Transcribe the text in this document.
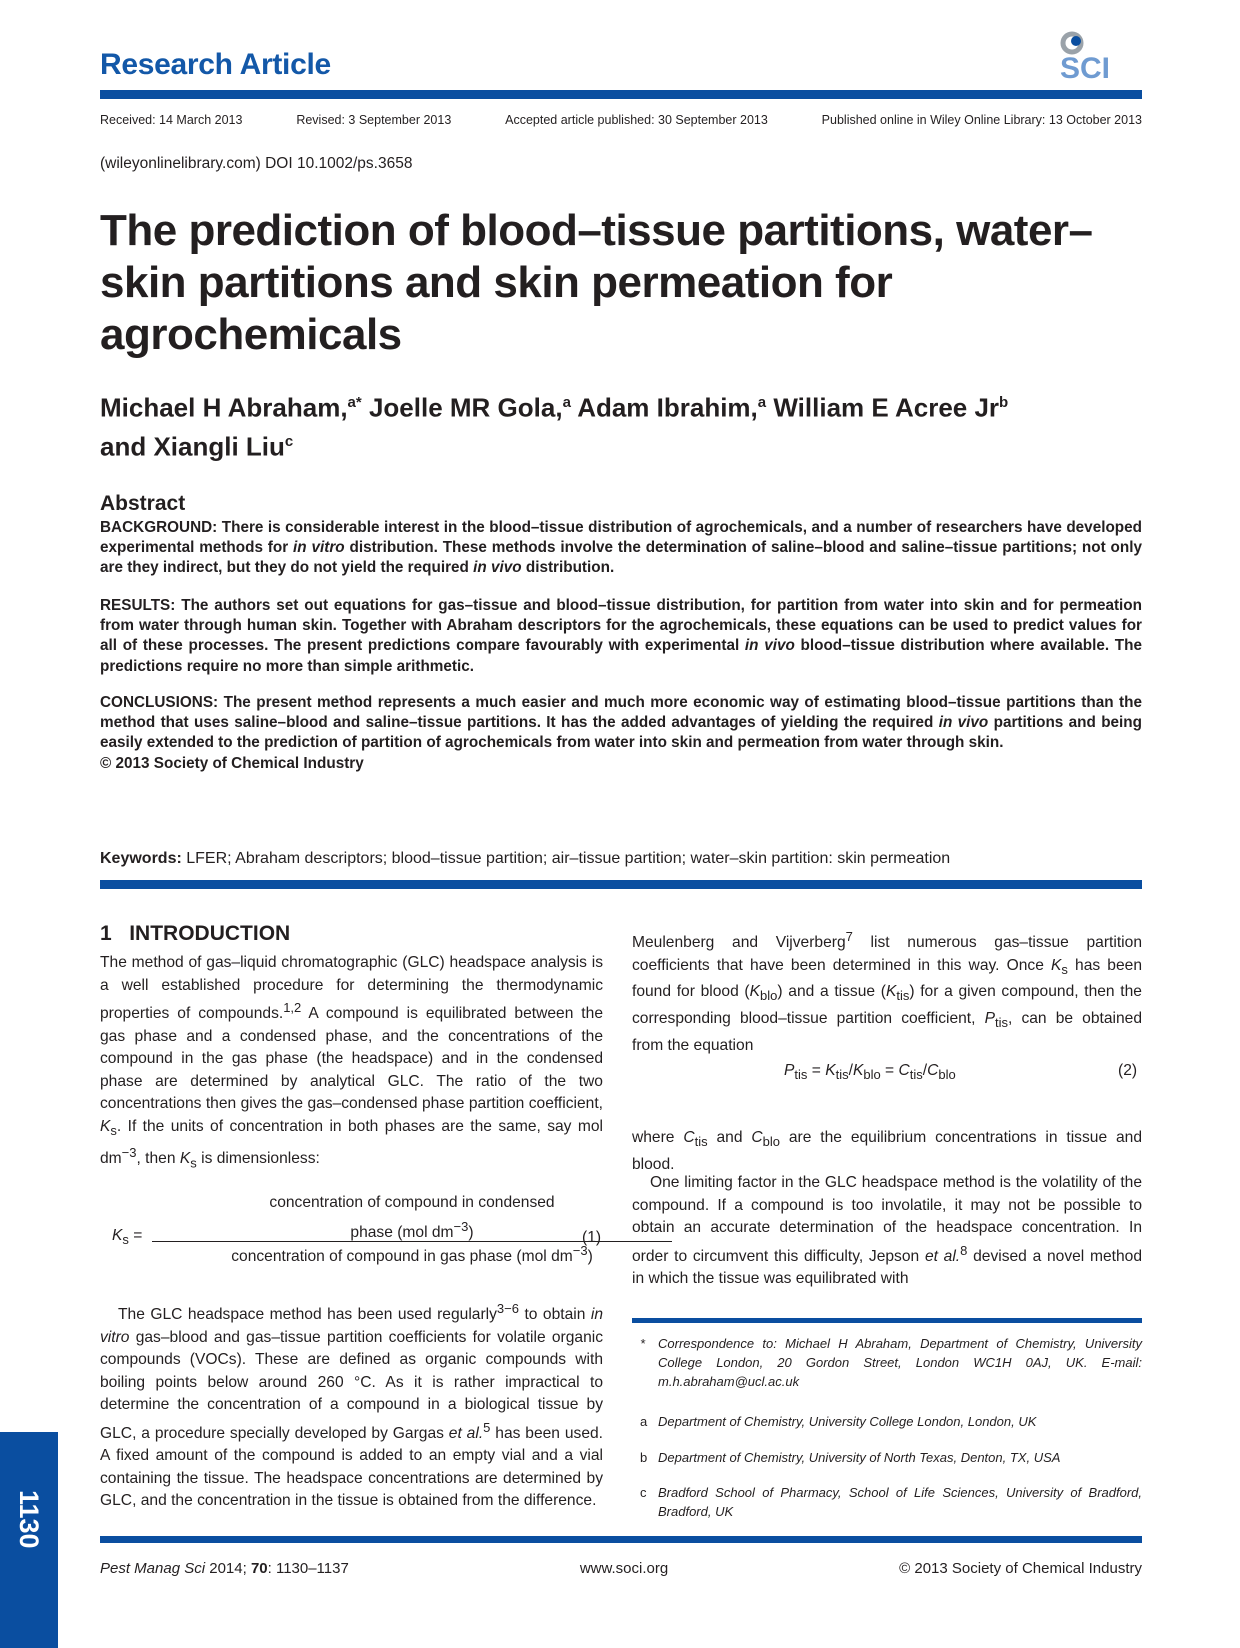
Research Article	SCI
Received: 14 March 2013	Revised: 3 September 2013	Accepted article published: 30 September 2013	Published online in Wiley Online Library: 13 October 2013
(wileyonlinelibrary.com) DOI 10.1002/ps.3658
The prediction of blood–tissue partitions, water–skin partitions and skin permeation for agrochemicals
Michael H Abraham,$^{a*}$ Joelle MR Gola,$^a$ Adam Ibrahim,$^a$ William E Acree Jr$^b$
and Xiangli Liu$^c$
Abstract
BACKGROUND: There is considerable interest in the blood–tissue distribution of agrochemicals, and a number of researchers have developed experimental methods for in vitro distribution. These methods involve the determination of saline–blood and saline–tissue partitions; not only are they indirect, but they do not yield the required in vivo distribution.
RESULTS: The authors set out equations for gas–tissue and blood–tissue distribution, for partition from water into skin and for permeation from water through human skin. Together with Abraham descriptors for the agrochemicals, these equations can be used to predict values for all of these processes. The present predictions compare favourably with experimental in vivo blood–tissue distribution where available. The predictions require no more than simple arithmetic.
CONCLUSIONS: The present method represents a much easier and much more economic way of estimating blood–tissue partitions than the method that uses saline–blood and saline–tissue partitions. It has the added advantages of yielding the required in vivo partitions and being easily extended to the prediction of partition of agrochemicals from water into skin and permeation from water through skin.
© 2013 Society of Chemical Industry
Keywords: LFER; Abraham descriptors; blood–tissue partition; air–tissue partition; water–skin partition: skin permeation
1 INTRODUCTION
The method of gas–liquid chromatographic (GLC) headspace analysis is a well established procedure for determining the thermodynamic properties of compounds.$^{1,2}$ A compound is equilibrated between the gas phase and a condensed phase, and the concentrations of the compound in the gas phase (the headspace) and in the condensed phase are determined by analytical GLC. The ratio of the two concentrations then gives the gas–condensed phase partition coefficient, $K_s$. If the units of concentration in both phases are the same, say mol $dm^{-3}$, then $K_s$ is dimensionless:
$K_s$ =
concentration of compound in condensed
phase (mol $dm^{-3}$)
concentration of compound in gas phase (mol $dm^{-3}$)
(1)
The GLC headspace method has been used regularly$^{3-6}$ to obtain in vitro gas–blood and gas–tissue partition coefficients for volatile organic compounds (VOCs). These are defined as organic compounds with boiling points below around 260 °C. As it is rather impractical to determine the concentration of a compound in a biological tissue by GLC, a procedure specially developed by Gargas et al.$^5$ has been used. A fixed amount of the compound is added to an empty vial and a vial containing the tissue. The headspace concentrations are determined by GLC, and the concentration in the tissue is obtained from the difference.
Meulenberg and Vijverberg$^7$ list numerous gas–tissue partition coefficients that have been determined in this way. Once $K_s$ has been found for blood $(K_{blo})$ and a tissue $(K_{tis})$ for a given compound, then the corresponding blood–tissue partition coefficient, $P_{tis}$, can be obtained from the equation
$P_{tis} = K_{tis}/K_{blo} = C_{tis}/C_{blo}$	(2)
where $C_{tis}$ and $C_{blo}$ are the equilibrium concentrations in tissue and blood.
One limiting factor in the GLC headspace method is the volatility of the compound. If a compound is too involatile, it may not be possible to obtain an accurate determination of the headspace concentration. In order to circumvent this difficulty, Jepson et al.$^8$ devised a novel method in which the tissue was equilibrated with
* Correspondence to: Michael H Abraham, Department of Chemistry, University College London, 20 Gordon Street, London WC1H 0AJ, UK. E-mail: m.h.abraham@ucl.ac.uk
a Department of Chemistry, University College London, London, UK
b Department of Chemistry, University of North Texas, Denton, TX, USA
c Bradford School of Pharmacy, School of Life Sciences, University of Bradford, Bradford, UK
1130
Pest Manag Sci 2014; 70: 1130–1137	www.soci.org	© 2013 Society of Chemical Industry
